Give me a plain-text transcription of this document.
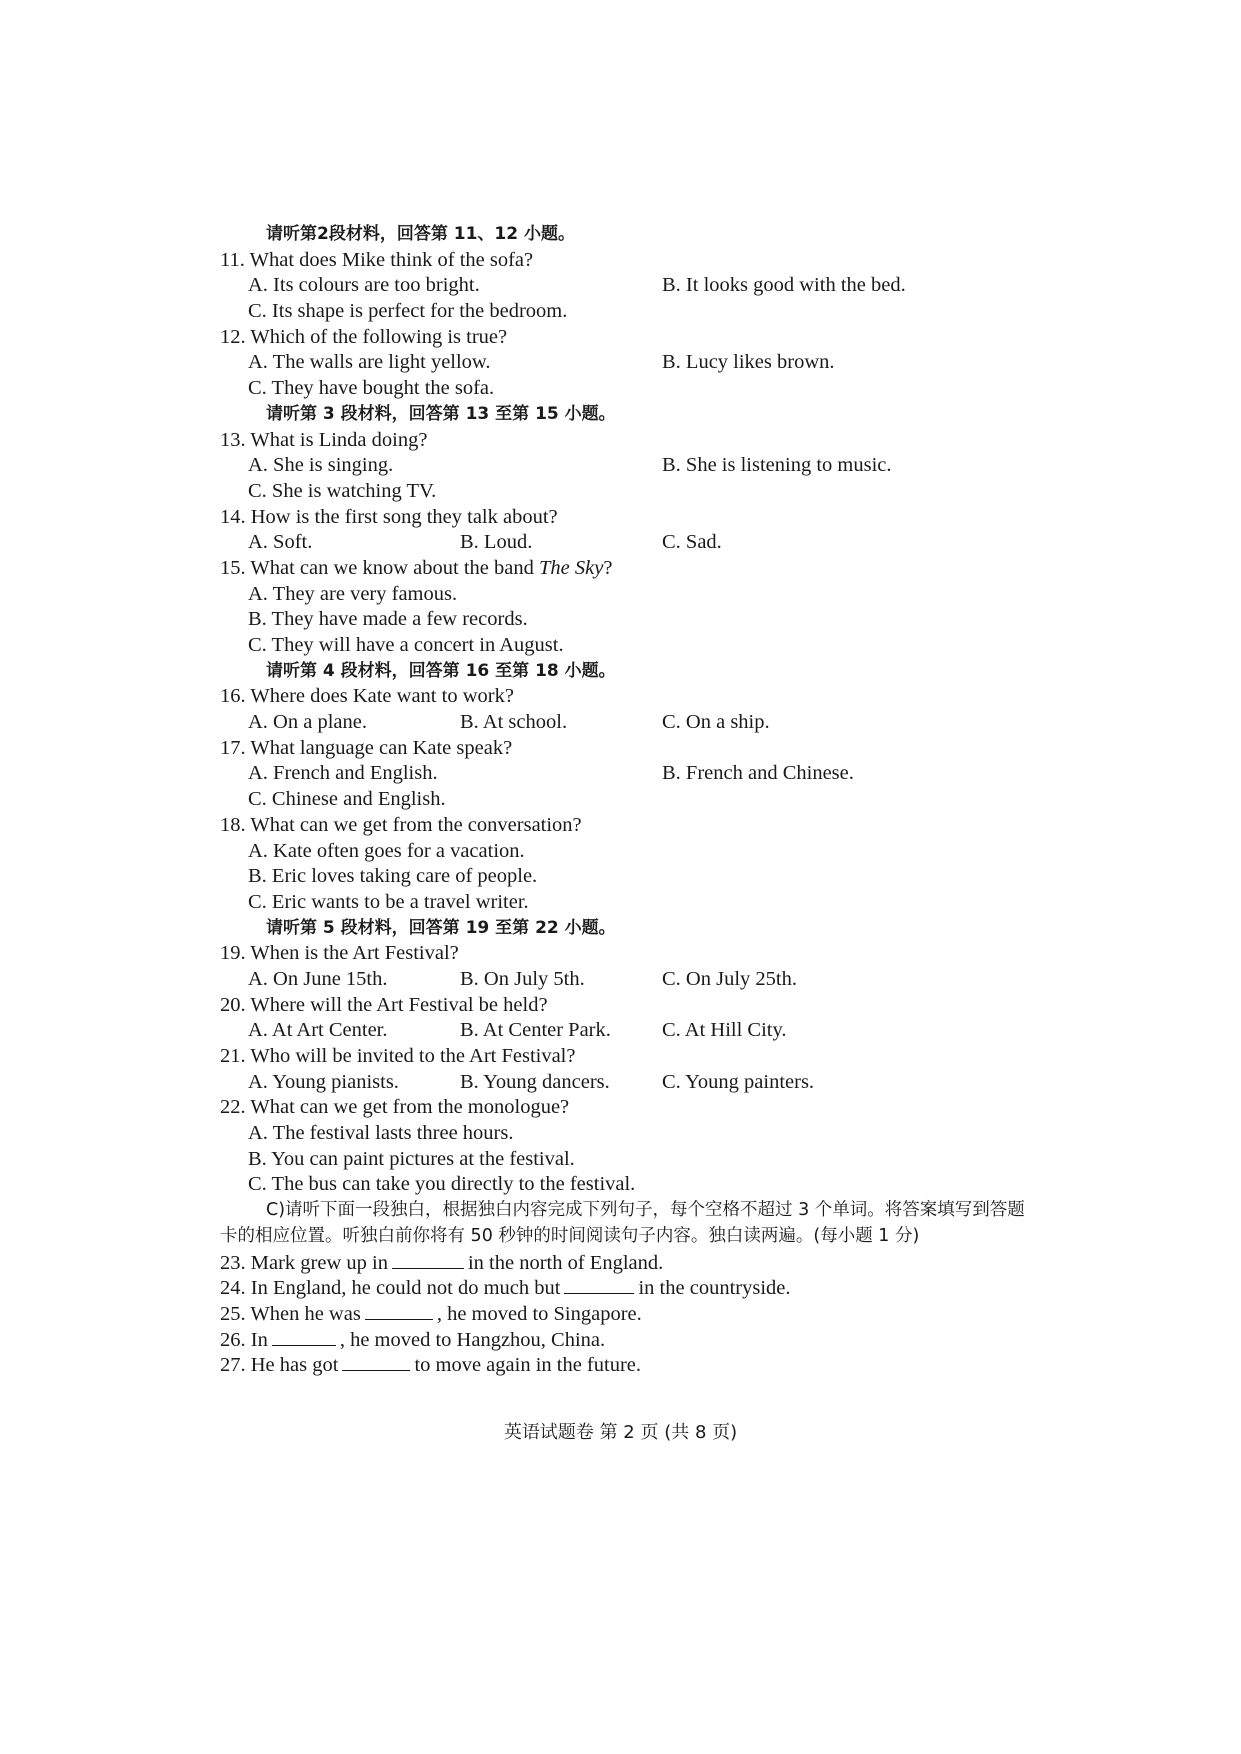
请听第2段材料，回答第 11、12 小题。
11. What does Mike think of the sofa?
A. Its colours are too bright.	B. It looks good with the bed.
C. Its shape is perfect for the bedroom.
12. Which of the following is true?
A. The walls are light yellow.	B. Lucy likes brown.
C. They have bought the sofa.
请听第 3 段材料，回答第 13 至第 15 小题。
13. What is Linda doing?
A. She is singing.	B. She is listening to music.
C. She is watching TV.
14. How is the first song they talk about?
A. Soft.	B. Loud.	C. Sad.
15. What can we know about the band The Sky?
A. They are very famous.
B. They have made a few records.
C. They will have a concert in August.
请听第 4 段材料，回答第 16 至第 18 小题。
16. Where does Kate want to work?
A. On a plane.	B. At school.	C. On a ship.
17. What language can Kate speak?
A. French and English.	B. French and Chinese.
C. Chinese and English.
18. What can we get from the conversation?
A. Kate often goes for a vacation.
B. Eric loves taking care of people.
C. Eric wants to be a travel writer.
请听第 5 段材料，回答第 19 至第 22 小题。
19. When is the Art Festival?
A. On June 15th.	B. On July 5th.	C. On July 25th.
20. Where will the Art Festival be held?
A. At Art Center.	B. At Center Park. C. At Hill City.
21. Who will be invited to the Art Festival?
A. Young pianists.	B. Young dancers.	C. Young painters.
22. What can we get from the monologue?
A. The festival lasts three hours.
B. You can paint pictures at the festival.
C. The bus can take you directly to the festival.
C)请听下面一段独白，根据独白内容完成下列句子，每个空格不超过 3 个单词。将答案填写到答题卡的相应位置。听独白前你将有 50 秒钟的时间阅读句子内容。独白读两遍。(每小题 1 分)
23. Mark grew up in	in the north of England.
24. In England, he could not do much but	in the countryside.
25. When he was	, he moved to Singapore.
26. In	, he moved to Hangzhou, China.
27. He has got	to move again in the future.
英语试题卷 第 2 页 (共 8 页)
